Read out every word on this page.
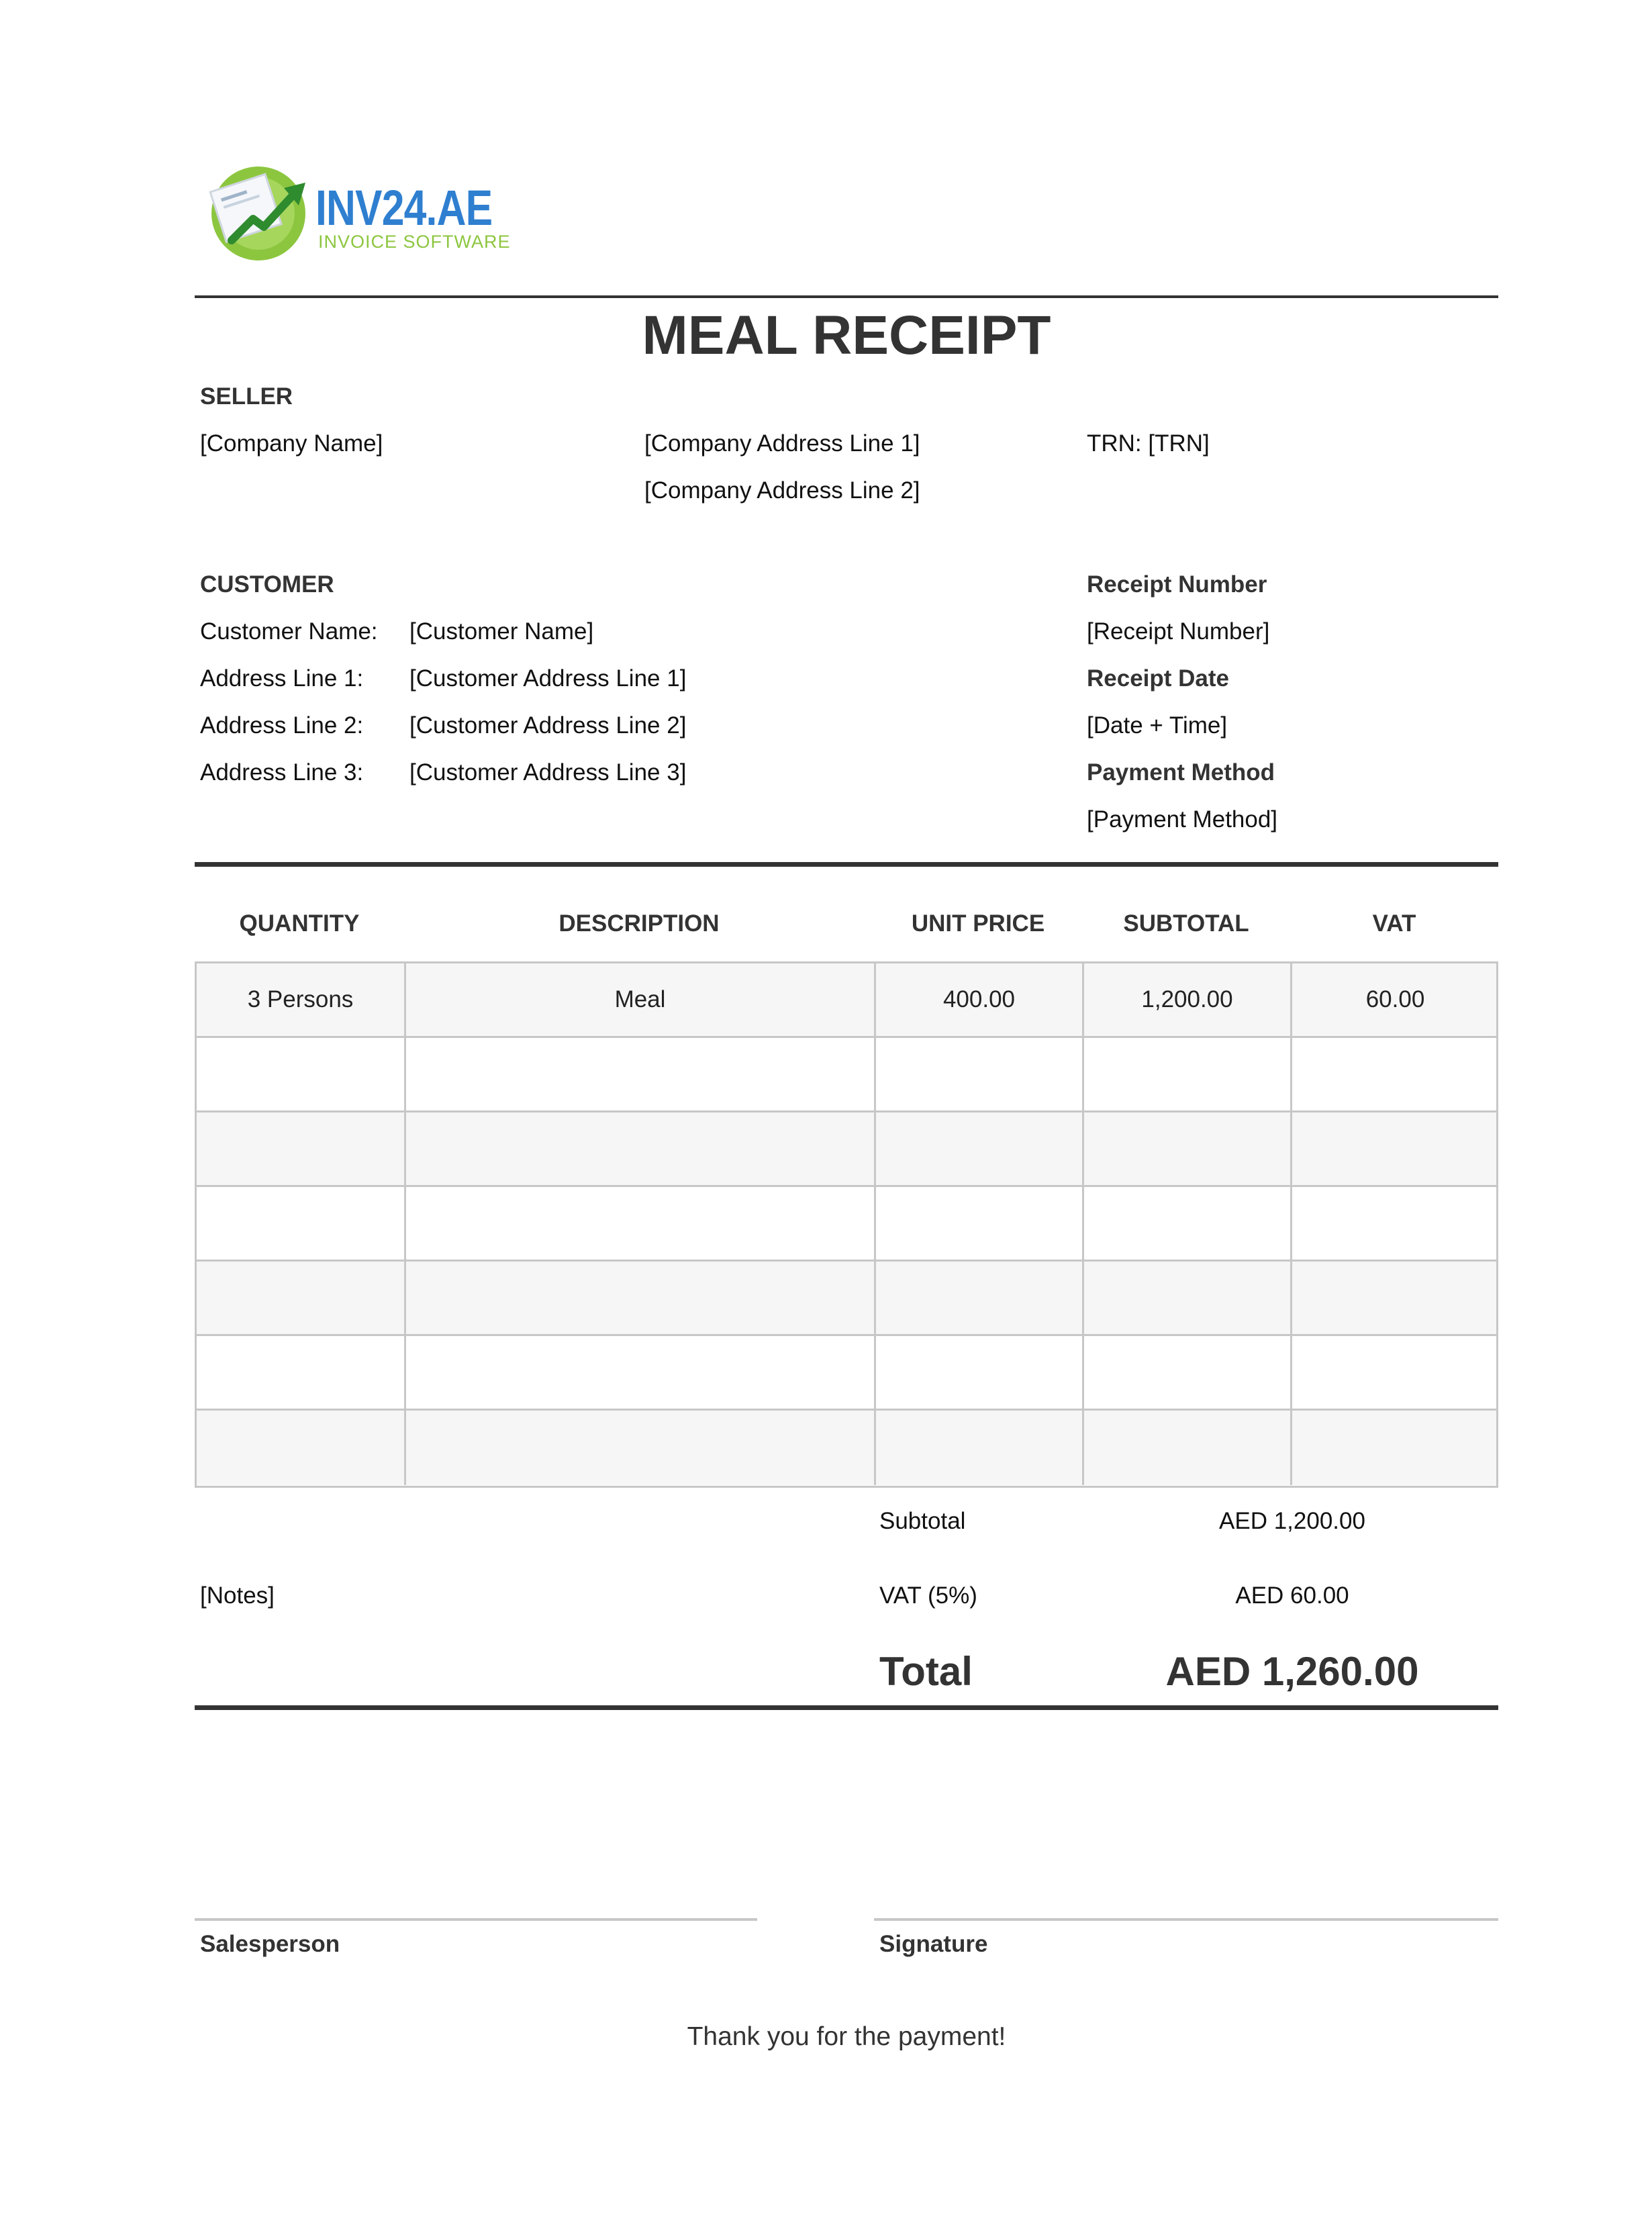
INV24.AE
INVOICE SOFTWARE
MEAL RECEIPT
SELLER
[Company Name]	[Company Address Line 1]
[Company Address Line 2]
TRN: [TRN]
CUSTOMER
Customer Name: [Customer Name]
Address Line 1: [Customer Address Line 1]
Address Line 2: [Customer Address Line 2]
Address Line 3: [Customer Address Line 3]
Receipt Number
[Receipt Number]
Receipt Date
[Date + Time]
Payment Method
[Payment Method]
QUANTITY	DESCRIPTION	UNIT PRICE	SUBTOTAL	VAT
3 Persons	Meal	400.00	1,200.00	60.00
Subtotal	AED 1,200.00
[Notes]	VAT (5%)	AED 60.00
Total	AED 1,260.00
Salesperson	Signature
Thank you for the payment!
